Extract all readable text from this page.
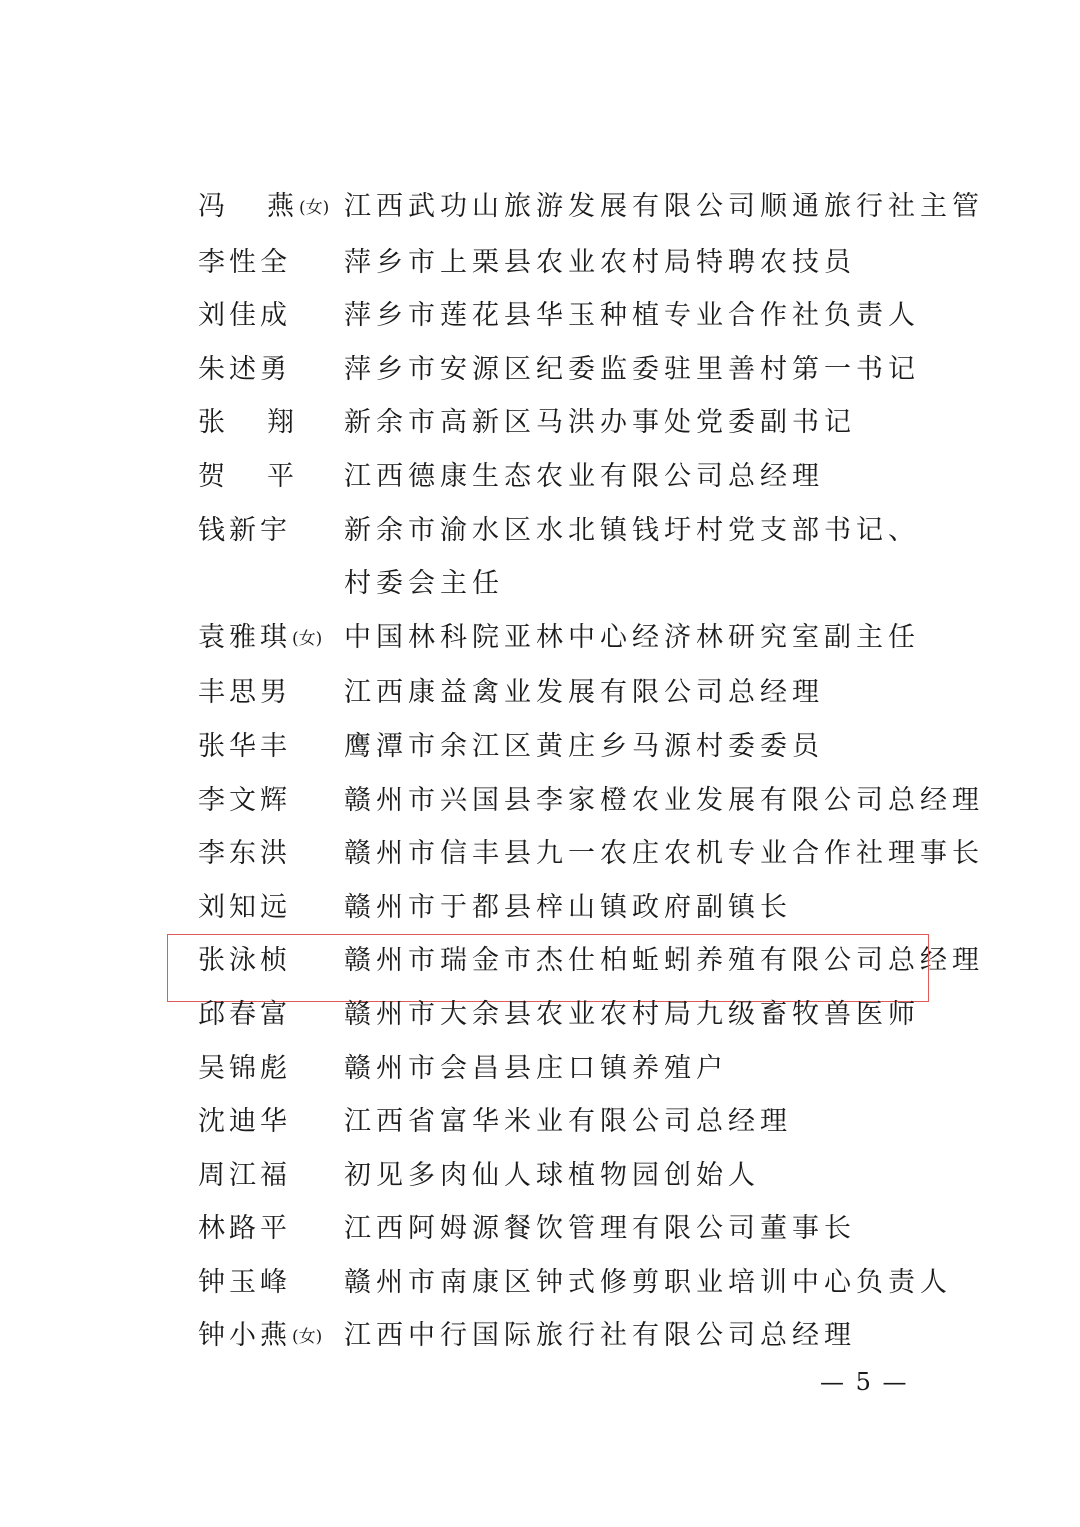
冯 燕(女) 江西武功山旅游发展有限公司顺通旅行社主管
李性全	萍乡市上栗县农业农村局特聘农技员
刘佳成	萍乡市莲花县华玉种植专业合作社负责人
朱述勇	萍乡市安源区纪委监委驻里善村第一书记
张 翔	新余市高新区马洪办事处党委副书记
贺 平	江西德康生态农业有限公司总经理
钱新宇	新余市渝水区水北镇钱圩村党支部书记、
村委会主任
袁雅琪(女) 中国林科院亚林中心经济林研究室副主任
丰思男	江西康益禽业发展有限公司总经理
张华丰	鹰潭市余江区黄庄乡马源村委委员
李文辉	赣州市兴国县李家橙农业发展有限公司总经理
李东洪	赣州市信丰县九一农庄农机专业合作社理事长
刘知远	赣州市于都县梓山镇政府副镇长
张泳桢	赣州市瑞金市杰仕柏蚯蚓养殖有限公司总经理
邱春富	赣州市大余县农业农村局九级畜牧兽医师
吴锦彪	赣州市会昌县庄口镇养殖户
沈迪华	江西省富华米业有限公司总经理
周江福	初见多肉仙人球植物园创始人
林路平	江西阿姆源餐饮管理有限公司董事长
钟玉峰	赣州市南康区钟式修剪职业培训中心负责人
钟小燕(女) 江西中行国际旅行社有限公司总经理
— 5 —
